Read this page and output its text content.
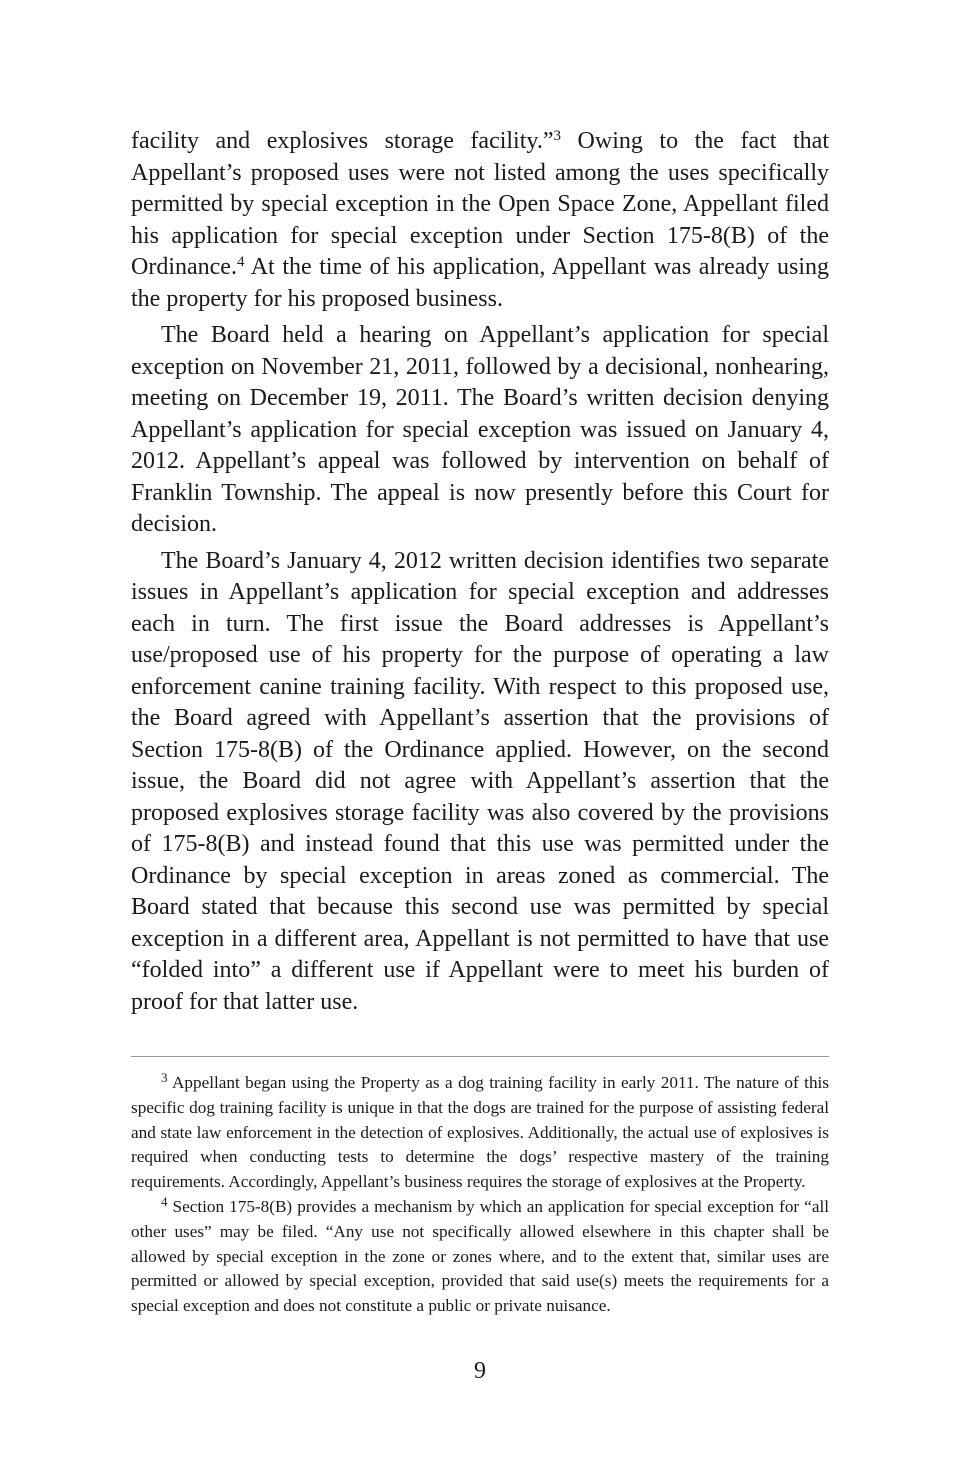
facility and explosives storage facility.”$^3$ Owing to the fact that Appellant’s proposed uses were not listed among the uses specifically permitted by special exception in the Open Space Zone, Appellant filed his application for special exception under Section 175-8(B) of the Ordinance.$^4$ At the time of his application, Appellant was already using the property for his proposed business.

The Board held a hearing on Appellant’s application for special exception on November 21, 2011, followed by a decisional, nonhearing, meeting on December 19, 2011. The Board’s written decision denying Appellant’s application for special exception was issued on January 4, 2012. Appellant’s appeal was followed by intervention on behalf of Franklin Township. The appeal is now presently before this Court for decision.

The Board’s January 4, 2012 written decision identifies two separate issues in Appellant’s application for special exception and addresses each in turn. The first issue the Board addresses is Appellant’s use/proposed use of his property for the purpose of operating a law enforcement canine training facility. With respect to this proposed use, the Board agreed with Appellant’s assertion that the provisions of Section 175-8(B) of the Ordinance applied. However, on the second issue, the Board did not agree with Appellant’s assertion that the proposed explosives storage facility was also covered by the provisions of 175-8(B) and instead found that this use was permitted under the Ordinance by special exception in areas zoned as commercial. The Board stated that because this second use was permitted by special exception in a different area, Appellant is not permitted to have that use “folded into” a different use if Appellant were to meet his burden of proof for that latter use.

$^3$ Appellant began using the Property as a dog training facility in early 2011. The nature of this specific dog training facility is unique in that the dogs are trained for the purpose of assisting federal and state law enforcement in the detection of explosives. Additionally, the actual use of explosives is required when conducting tests to determine the dogs’ respective mastery of the training requirements. Accordingly, Appellant’s business requires the storage of explosives at the Property.

$^4$ Section 175-8(B) provides a mechanism by which an application for special exception for “all other uses” may be filed. “Any use not specifically allowed elsewhere in this chapter shall be allowed by special exception in the zone or zones where, and to the extent that, similar uses are permitted or allowed by special exception, provided that said use(s) meets the requirements for a special exception and does not constitute a public or private nuisance.

9
